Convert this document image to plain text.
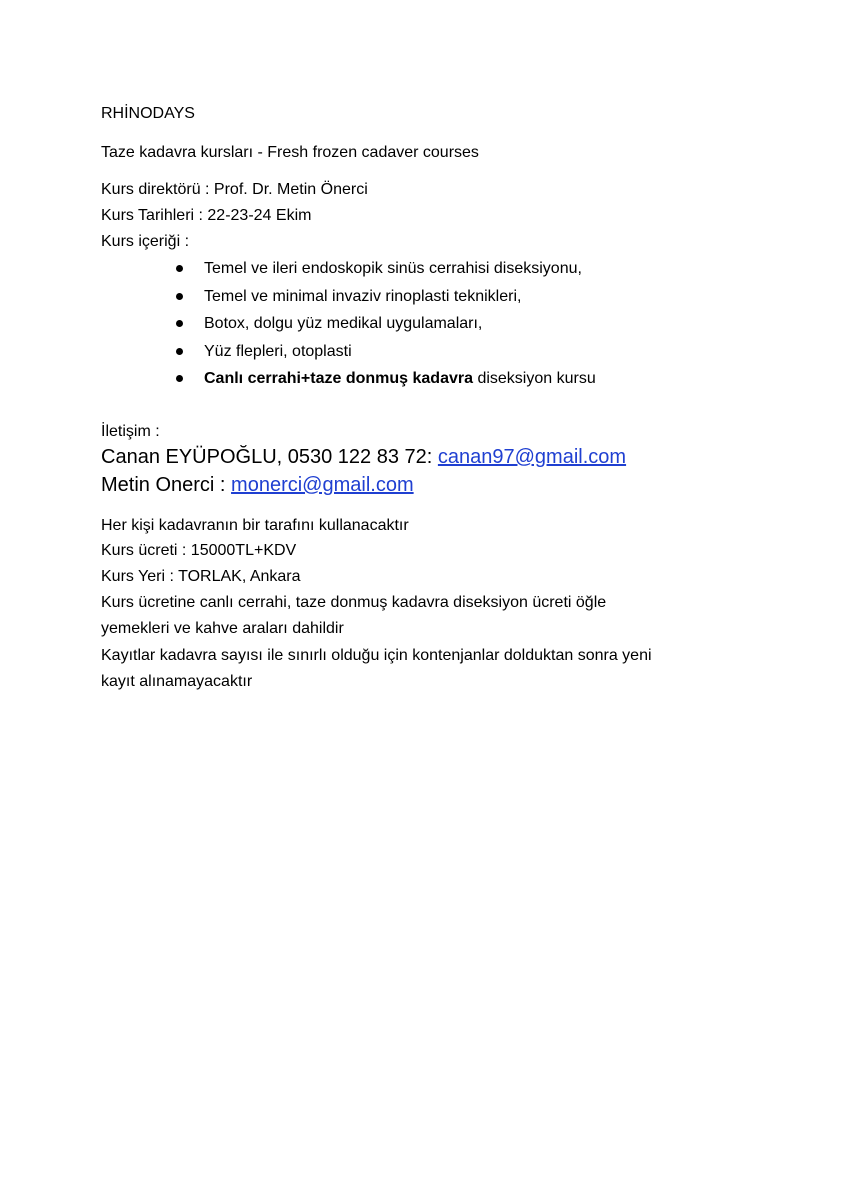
RHİNODAYS
Taze kadavra kursları - Fresh frozen cadaver courses
Kurs direktörü : Prof. Dr. Metin Önerci
Kurs Tarihleri : 22-23-24 Ekim
Kurs içeriği :
Temel ve ileri endoskopik sinüs cerrahisi diseksiyonu,
Temel ve minimal invaziv rinoplasti teknikleri,
Botox, dolgu yüz medikal uygulamaları,
Yüz flepleri, otoplasti
Canlı cerrahi+taze donmuş kadavra diseksiyon kursu
İletişim :
Canan EYÜPOĞLU, 0530 122 83 72: canan97@gmail.com
Metin Onerci : monerci@gmail.com
Her kişi kadavranın bir tarafını kullanacaktır
Kurs ücreti : 15000TL+KDV
Kurs Yeri : TORLAK, Ankara
Kurs ücretine canlı cerrahi, taze donmuş kadavra diseksiyon ücreti öğle
yemekleri ve kahve araları dahildir
Kayıtlar kadavra sayısı ile sınırlı olduğu için kontenjanlar dolduktan sonra yeni
kayıt alınamayacaktır
